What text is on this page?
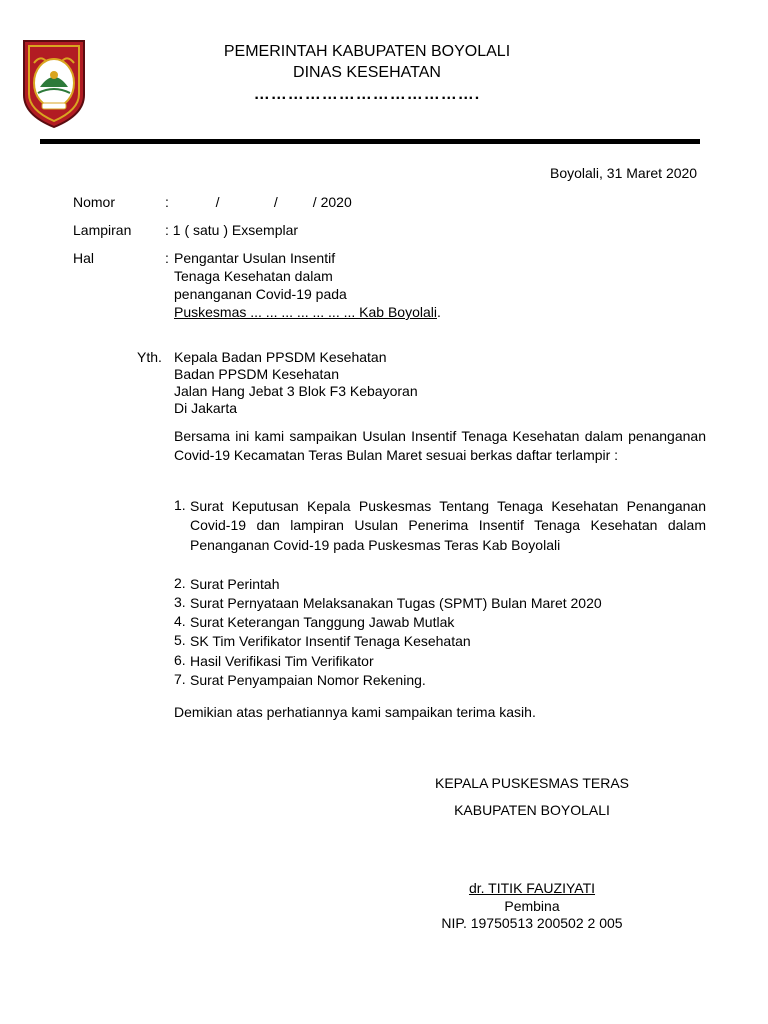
PEMERINTAH KABUPATEN BOYOLALI
DINAS KESEHATAN
………………………………….
Boyolali, 31 Maret 2020
Nomor	:            /              /         / 2020
Lampiran : 1 ( satu ) Exsemplar
Hal	: Pengantar Usulan Insentif
Tenaga Kesehatan dalam
penanganan Covid-19 pada
Puskesmas ... ... ... ... ... ... ... Kab Boyolali.
Yth. Kepala Badan PPSDM Kesehatan
Badan PPSDM Kesehatan
Jalan Hang Jebat 3 Blok F3 Kebayoran
Di Jakarta
Bersama ini kami sampaikan Usulan Insentif Tenaga Kesehatan dalam penanganan Covid-19 Kecamatan Teras Bulan Maret sesuai berkas daftar terlampir :
1. Surat Keputusan Kepala Puskesmas Tentang Tenaga Kesehatan Penanganan Covid-19 dan lampiran Usulan Penerima Insentif Tenaga Kesehatan dalam Penanganan Covid-19 pada Puskesmas Teras Kab Boyolali
2. Surat Perintah
3. Surat Pernyataan Melaksanakan Tugas (SPMT) Bulan Maret 2020
4. Surat Keterangan Tanggung Jawab Mutlak
5. SK Tim Verifikator Insentif Tenaga Kesehatan
6. Hasil Verifikasi Tim Verifikator
7. Surat Penyampaian Nomor Rekening.
Demikian atas perhatiannya kami sampaikan terima kasih.
KEPALA PUSKESMAS TERAS
KABUPATEN BOYOLALI
dr. TITIK FAUZIYATI
Pembina
NIP. 19750513 200502 2 005
